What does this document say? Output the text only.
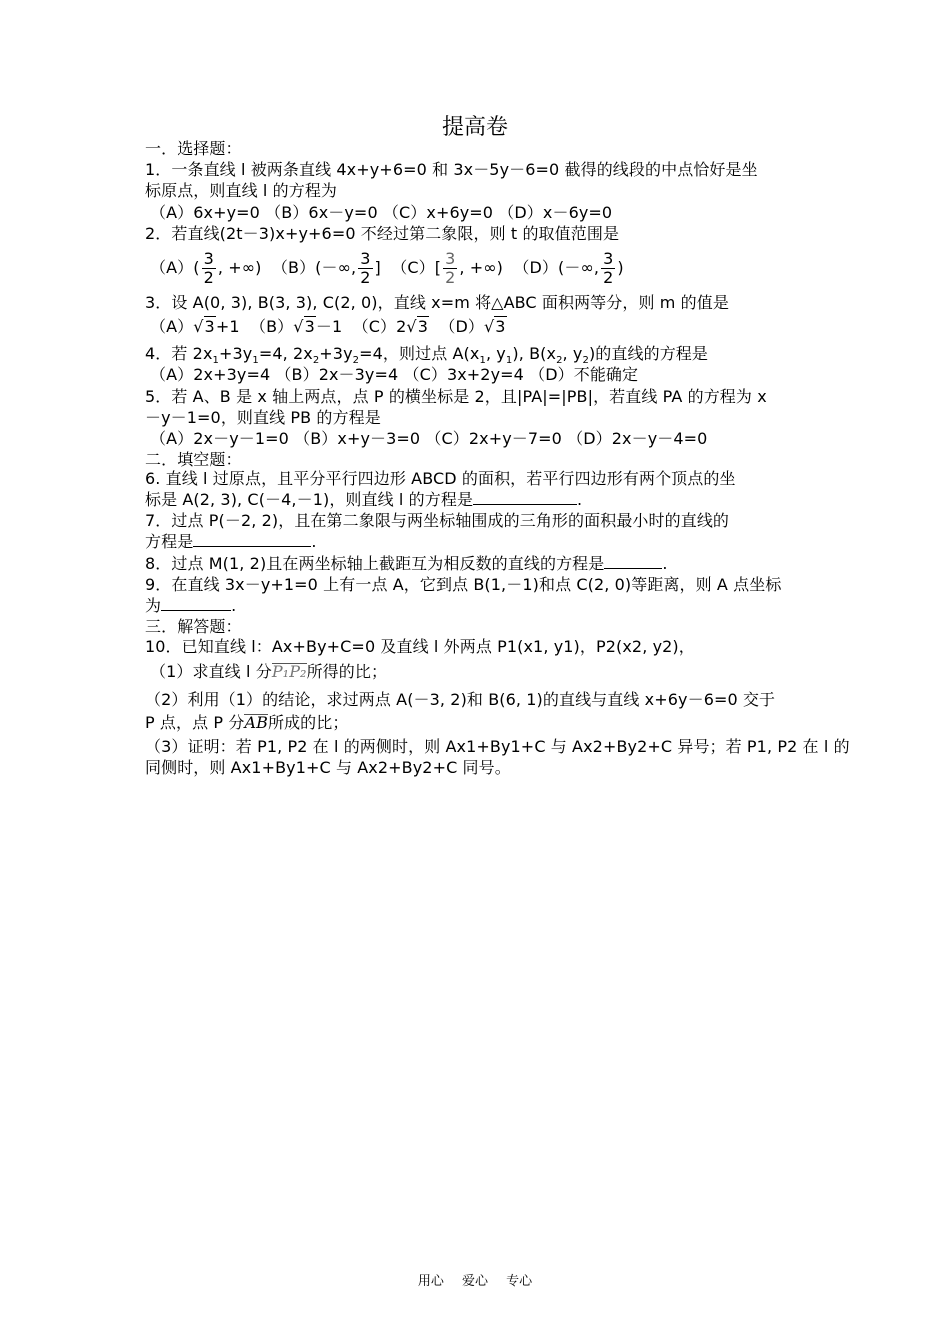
提高卷
一．选择题：
1．一条直线 l 被两条直线 4x+y+6=0 和 3x－5y－6=0 截得的线段的中点恰好是坐
标原点，则直线 l 的方程为
（A）6x+y=0 （B）6x－y=0 （C）x+6y=0 （D）x－6y=0
2．若直线(2t－3)x+y+6=0 不经过第二象限，则 t 的取值范围是
$(A)( \frac{3}{2}$ , +∞) （B）(－∞, $\frac{3}{2}$ ] $(C)[ \frac{3}{2}$ , +∞) （D）(－∞, $\frac{3}{2}$ )
3．设 A(0, 3), B(3, 3), C(2, 0)，直线 x=m 将△ABC 面积两等分，则 m 的值是
（A）√3+1 （B）√3－1 （C）2√3 （D）√3
4．若 $2x_1+3y_1=4$, $2x_2+3y_2=4$，则过点 $A(x_1$, $y_1$), $B(x_2$, $y_2$)的直线的方程是
（A）2x+3y=4 （B）2x－3y=4 （C）3x+2y=4 （D）不能确定
5．若 A、B 是 x 轴上两点，点 P 的横坐标是 2，且|PA|=|PB|，若直线 PA 的方程为 x
－y－1=0，则直线 PB 的方程是
（A）2x－y－1=0 （B）x+y－3=0 （C）2x+y－7=0 （D）2x－y－4=0
二．填空题：
6. 直线 l 过原点，且平分平行四边形 ABCD 的面积，若平行四边形有两个顶点的坐
标是 A(2, 3), C(－4,－1)，则直线 l 的方程是	.
7．过点 P(－2, 2)，且在第二象限与两坐标轴围成的三角形的面积最小时的直线的
方程是	.
8．过点 M(1, 2)且在两坐标轴上截距互为相反数的直线的方程是	.
9．在直线 3x－y+1=0 上有一点 A，它到点 B(1,－1)和点 C(2, 0)等距离，则 A 点坐标
为	.
三．解答题：
10．已知直线 l：Ax+By+C=0 及直线 l 外两点 P1(x1, y1)，P2(x2, y2)，
（1）求直线 l 分P₁P₂所得的比；
（2）利用（1）的结论，求过两点 A(－3, 2)和 B(6, 1)的直线与直线 x+6y－6=0 交于
P 点，点 P 分AB所成的比；
（3）证明：若 P1, P2 在 l 的两侧时，则 Ax1+By1+C 与 Ax2+By2+C 异号；若 P1, P2 在 l 的
同侧时，则 Ax1+By1+C 与 Ax2+By2+C 同号。
用心 爱心 专心
